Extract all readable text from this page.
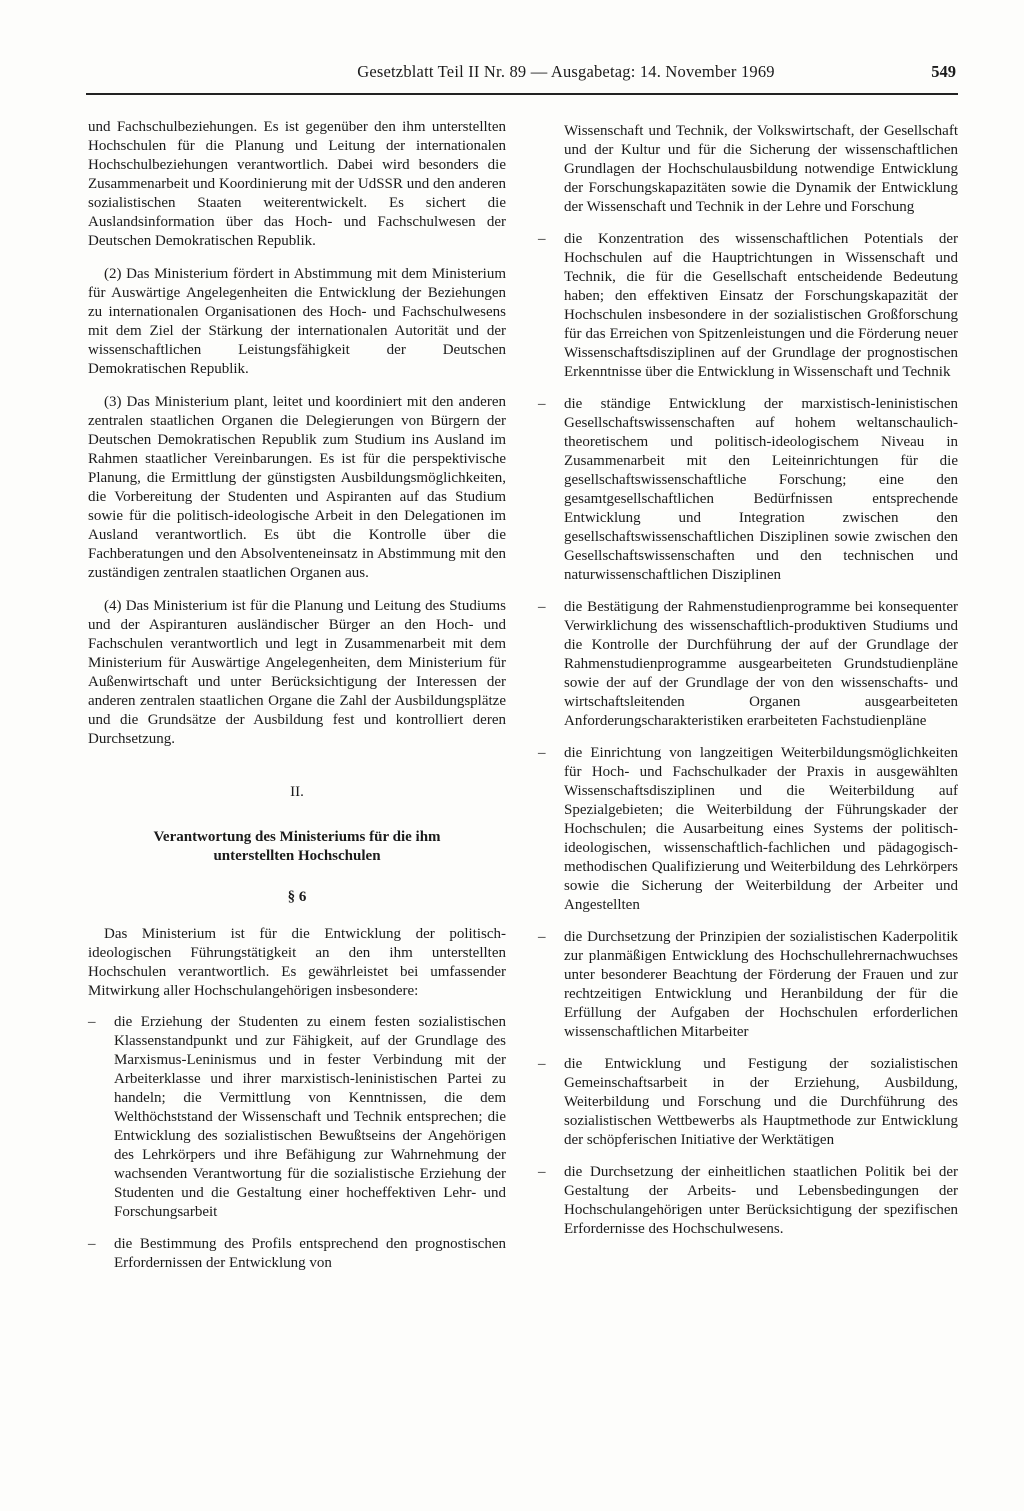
Gesetzblatt Teil II Nr. 89 — Ausgabetag: 14. November 1969	549

und Fachschulbeziehungen. Es ist gegenüber den ihm unterstellten Hochschulen für die Planung und Leitung der internationalen Hochschulbeziehungen verantwortlich. Dabei wird besonders die Zusammenarbeit und Koordinierung mit der UdSSR und den anderen sozialistischen Staaten weiterentwickelt. Es sichert die Auslandsinformation über das Hoch- und Fachschulwesen der Deutschen Demokratischen Republik.

(2) Das Ministerium fördert in Abstimmung mit dem Ministerium für Auswärtige Angelegenheiten die Entwicklung der Beziehungen zu internationalen Organisationen des Hoch- und Fachschulwesens mit dem Ziel der Stärkung der internationalen Autorität und der wissenschaftlichen Leistungsfähigkeit der Deutschen Demokratischen Republik.

(3) Das Ministerium plant, leitet und koordiniert mit den anderen zentralen staatlichen Organen die Delegierungen von Bürgern der Deutschen Demokratischen Republik zum Studium ins Ausland im Rahmen staatlicher Vereinbarungen. Es ist für die perspektivische Planung, die Ermittlung der günstigsten Ausbildungsmöglichkeiten, die Vorbereitung der Studenten und Aspiranten auf das Studium sowie für die politisch-ideologische Arbeit in den Delegationen im Ausland verantwortlich. Es übt die Kontrolle über die Fachberatungen und den Absolventeneinsatz in Abstimmung mit den zuständigen zentralen staatlichen Organen aus.

(4) Das Ministerium ist für die Planung und Leitung des Studiums und der Aspiranturen ausländischer Bürger an den Hoch- und Fachschulen verantwortlich und legt in Zusammenarbeit mit dem Ministerium für Auswärtige Angelegenheiten, dem Ministerium für Außenwirtschaft und unter Berücksichtigung der Interessen der anderen zentralen staatlichen Organe die Zahl der Ausbildungsplätze und die Grundsätze der Ausbildung fest und kontrolliert deren Durchsetzung.

II.
Verantwortung des Ministeriums für die ihm unterstellten Hochschulen
§ 6

Das Ministerium ist für die Entwicklung der politisch-ideologischen Führungstätigkeit an den ihm unterstellten Hochschulen verantwortlich. Es gewährleistet bei umfassender Mitwirkung aller Hochschulangehörigen insbesondere:

– die Erziehung der Studenten zu einem festen sozialistischen Klassenstandpunkt und zur Fähigkeit, auf der Grundlage des Marxismus-Leninismus und in fester Verbindung mit der Arbeiterklasse und ihrer marxistisch-leninistischen Partei zu handeln; die Vermittlung von Kenntnissen, die dem Welthöchststand der Wissenschaft und Technik entsprechen; die Entwicklung des sozialistischen Bewußtseins der Angehörigen des Lehrkörpers und ihre Befähigung zur Wahrnehmung der wachsenden Verantwortung für die sozialistische Erziehung der Studenten und die Gestaltung einer hocheffektiven Lehr- und Forschungsarbeit
– die Bestimmung des Profils entsprechend den prognostischen Erfordernissen der Entwicklung von

Wissenschaft und Technik, der Volkswirtschaft, der Gesellschaft und der Kultur und für die Sicherung der wissenschaftlichen Grundlagen der Hochschulausbildung notwendige Entwicklung der Forschungskapazitäten sowie die Dynamik der Entwicklung der Wissenschaft und Technik in der Lehre und Forschung

– die Konzentration des wissenschaftlichen Potentials der Hochschulen auf die Hauptrichtungen in Wissenschaft und Technik, die für die Gesellschaft entscheidende Bedeutung haben; den effektiven Einsatz der Forschungskapazität der Hochschulen insbesondere in der sozialistischen Großforschung für das Erreichen von Spitzenleistungen und die Förderung neuer Wissenschaftsdisziplinen auf der Grundlage der prognostischen Erkenntnisse über die Entwicklung in Wissenschaft und Technik
– die ständige Entwicklung der marxistisch-leninistischen Gesellschaftswissenschaften auf hohem weltanschaulich-theoretischem und politisch-ideologischem Niveau in Zusammenarbeit mit den Leiteinrichtungen für die gesellschaftswissenschaftliche Forschung; eine den gesamtgesellschaftlichen Bedürfnissen entsprechende Entwicklung und Integration zwischen den gesellschaftswissenschaftlichen Disziplinen sowie zwischen den Gesellschaftswissenschaften und den technischen und naturwissenschaftlichen Disziplinen
– die Bestätigung der Rahmenstudienprogramme bei konsequenter Verwirklichung des wissenschaftlich-produktiven Studiums und die Kontrolle der Durchführung der auf der Grundlage der Rahmenstudienprogramme ausgearbeiteten Grundstudienpläne sowie der auf der Grundlage der von den wissenschafts- und wirtschaftsleitenden Organen ausgearbeiteten Anforderungscharakteristiken erarbeiteten Fachstudienpläne
– die Einrichtung von langzeitigen Weiterbildungsmöglichkeiten für Hoch- und Fachschulkader der Praxis in ausgewählten Wissenschaftsdisziplinen und die Weiterbildung auf Spezialgebieten; die Weiterbildung der Führungskader der Hochschulen; die Ausarbeitung eines Systems der politisch-ideologischen, wissenschaftlich-fachlichen und pädagogisch-methodischen Qualifizierung und Weiterbildung des Lehrkörpers sowie die Sicherung der Weiterbildung der Arbeiter und Angestellten
– die Durchsetzung der Prinzipien der sozialistischen Kaderpolitik zur planmäßigen Entwicklung des Hochschullehrernachwuchses unter besonderer Beachtung der Förderung der Frauen und zur rechtzeitigen Entwicklung und Heranbildung der für die Erfüllung der Aufgaben der Hochschulen erforderlichen wissenschaftlichen Mitarbeiter
– die Entwicklung und Festigung der sozialistischen Gemeinschaftsarbeit in der Erziehung, Ausbildung, Weiterbildung und Forschung und die Durchführung des sozialistischen Wettbewerbs als Hauptmethode zur Entwicklung der schöpferischen Initiative der Werktätigen
– die Durchsetzung der einheitlichen staatlichen Politik bei der Gestaltung der Arbeits- und Lebensbedingungen der Hochschulangehörigen unter Berücksichtigung der spezifischen Erfordernisse des Hochschulwesens.
